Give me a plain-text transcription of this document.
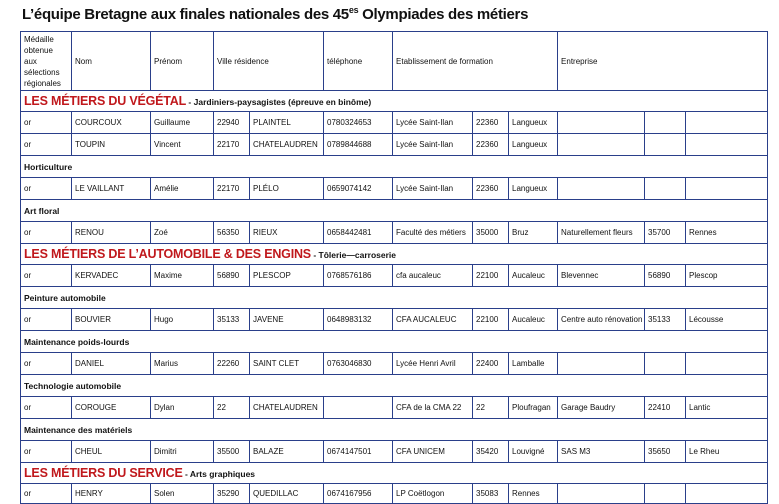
L’équipe Bretagne aux finales nationales des $45^{es}$ Olympiades des métiers
Médaille obtenue aux sélections régionales	Nom	Prénom	Ville résidence		téléphone	Etablissement de formation			Entreprise		
LES MÉTIERS DU VÉGÉTAL - Jardiniers-paysagistes (épreuve en binôme)											
or	COURCOUX	Guillaume	22940	PLAINTEL	0780324653	Lycée Saint-Ilan	22360	Langueux			
or	TOUPIN	Vincent	22170	CHATELAUDREN	0789844688	Lycée Saint-Ilan	22360	Langueux			
Horticulture											
or	LE VAILLANT	Amélie	22170	PLÉLO	0659074142	Lycée Saint-Ilan	22360	Langueux			
Art floral											
or	RENOU	Zoé	56350	RIEUX	0658442481	Faculté des métiers	35000	Bruz	Naturellement fleurs	35700	Rennes
LES MÉTIERS DE L’AUTOMOBILE & DES ENGINS - Tôlerie—carroserie											
or	KERVADEC	Maxime	56890	PLESCOP	0768576186	cfa aucaleuc	22100	Aucaleuc	Blevennec	56890	Plescop
Peinture automobile											
or	BOUVIER	Hugo	35133	JAVENE	0648983132	CFA AUCALEUC	22100	Aucaleuc	Centre auto rénovation	35133	Lécousse
Maintenance poids-lourds											
or	DANIEL	Marius	22260	SAINT CLET	0763046830	Lycée Henri Avril	22400	Lamballe			
Technologie automobile											
or	COROUGE	Dylan	22	CHATELAUDREN		CFA de la CMA 22	22	Ploufragan	Garage Baudry	22410	Lantic
Maintenance des matériels											
or	CHEUL	Dimitri	35500	BALAZE	0674147501	CFA UNICEM	35420	Louvigné	SAS M3	35650	Le Rheu
LES MÉTIERS DU SERVICE - Arts graphiques											
or	HENRY	Solen	35290	QUEDILLAC	0674167956	LP Coëtlogon	35083	Rennes			
